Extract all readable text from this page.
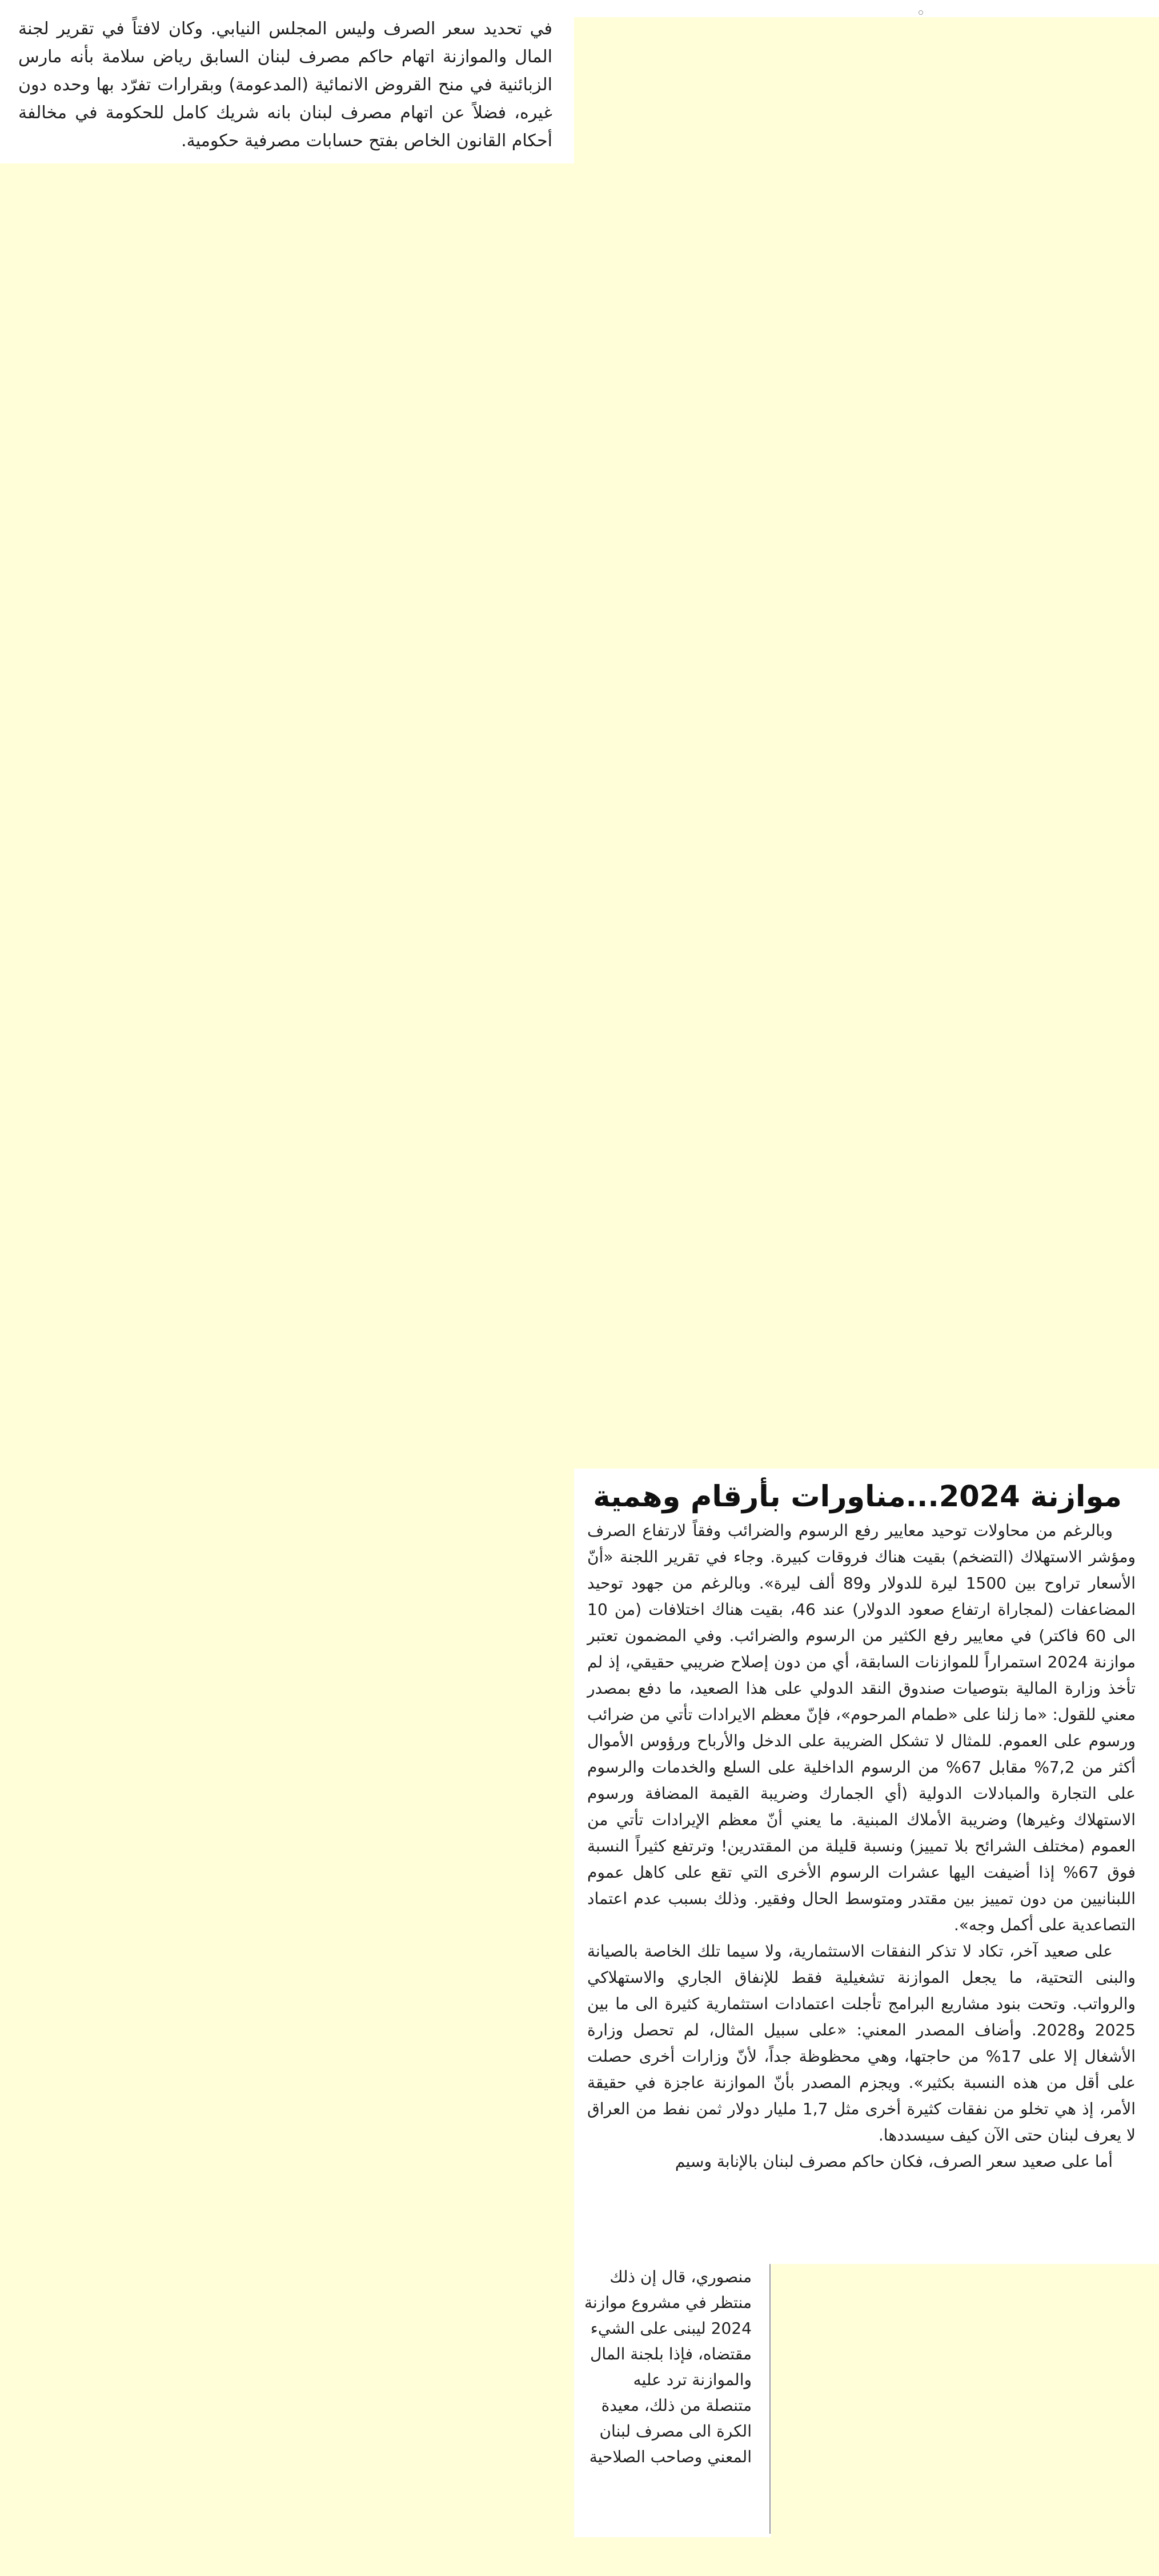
في تحديد سعر الصرف وليس المجلس النيابي. وكان لافتاً في تقرير لجنة المال والموازنة اتهام حاكم مصرف لبنان السابق رياض سلامة بأنه مارس الزبائنية في منح القروض الانمائية (المدعومة) وبقرارات تفرّد بها وحده دون غيره، فضلاً عن اتهام مصرف لبنان بانه شريك كامل للحكومة في مخالفة أحكام القانون الخاص بفتح حسابات مصرفية حكومية.

موازنة 2024...مناورات بأرقام وهمية

وبالرغم من محاولات توحيد معايير رفع الرسوم والضرائب وفقاً لارتفاع الصرف ومؤشر الاستهلاك (التضخم) بقيت هناك فروقات كبيرة. وجاء في تقرير اللجنة «أنّ الأسعار تراوح بين 1500 ليرة للدولار و89 ألف ليرة». وبالرغم من جهود توحيد المضاعفات (لمجاراة ارتفاع صعود الدولار) عند 46، بقيت هناك اختلافات (من 10 الى 60 فاكتر) في معايير رفع الكثير من الرسوم والضرائب. وفي المضمون تعتبر موازنة 2024 استمراراً للموازنات السابقة، أي من دون إصلاح ضريبي حقيقي، إذ لم تأخذ وزارة المالية بتوصيات صندوق النقد الدولي على هذا الصعيد، ما دفع بمصدر معني للقول: «ما زلنا على «طمام المرحوم»، فإنّ معظم الايرادات تأتي من ضرائب ورسوم على العموم. للمثال لا تشكل الضريبة على الدخل والأرباح ورؤوس الأموال أكثر من 7,2% مقابل 67% من الرسوم الداخلية على السلع والخدمات والرسوم على التجارة والمبادلات الدولية (أي الجمارك وضريبة القيمة المضافة ورسوم الاستهلاك وغيرها) وضريبة الأملاك المبنية. ما يعني أنّ معظم الإيرادات تأتي من العموم (مختلف الشرائح بلا تمييز) ونسبة قليلة من المقتدرين! وترتفع كثيراً النسبة فوق 67% إذا أضيفت اليها عشرات الرسوم الأخرى التي تقع على كاهل عموم اللبنانيين من دون تمييز بين مقتدر ومتوسط الحال وفقير. وذلك بسبب عدم اعتماد التصاعدية على أكمل وجه».

على صعيد آخر، تكاد لا تذكر النفقات الاستثمارية، ولا سيما تلك الخاصة بالصيانة والبنى التحتية، ما يجعل الموازنة تشغيلية فقط للإنفاق الجاري والاستهلاكي والرواتب. وتحت بنود مشاريع البرامج تأجلت اعتمادات استثمارية كثيرة الى ما بين 2025 و2028. وأضاف المصدر المعني: «على سبيل المثال، لم تحصل وزارة الأشغال إلا على 17% من حاجتها، وهي محظوظة جداً، لأنّ وزارات أخرى حصلت على أقل من هذه النسبة بكثير». ويجزم المصدر بأنّ الموازنة عاجزة في حقيقة الأمر، إذ هي تخلو من نفقات كثيرة أخرى مثل 1,7 مليار دولار ثمن نفط من العراق لا يعرف لبنان حتى الآن كيف سيسددها.

أما على صعيد سعر الصرف، فكان حاكم مصرف لبنان بالإنابة وسيم

منصوري، قال إن ذلك منتظر في مشروع موازنة 2024 ليبنى على الشيء مقتضاه، فإذا بلجنة المال والموازنة ترد عليه متنصلة من ذلك، معيدة الكرة الى مصرف لبنان المعني وصاحب الصلاحية
